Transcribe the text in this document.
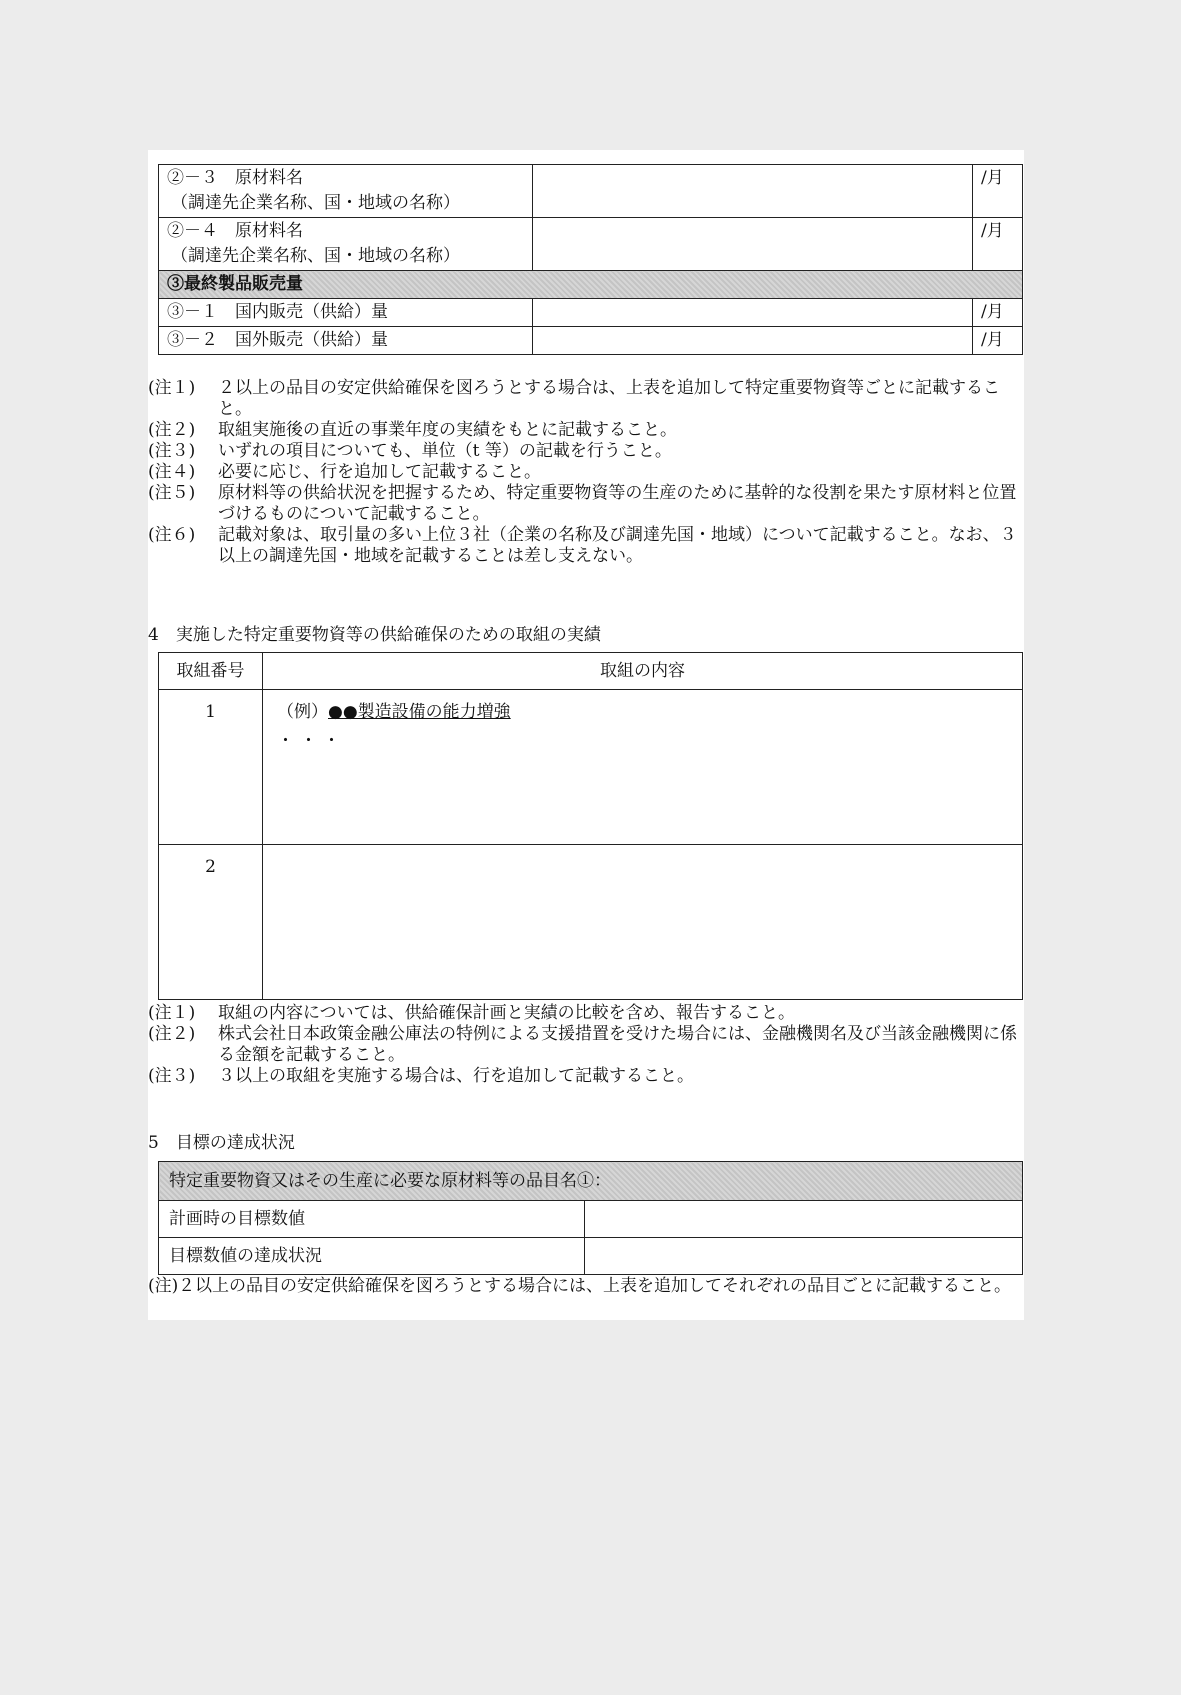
②－３　原材料名
（調達先企業名称、国・地域の名称）		/月

②－４　原材料名
（調達先企業名称、国・地域の名称）		/月
③最終製品販売量		
③－１　国内販売（供給）量		/月
③－２　国外販売（供給）量		/月
(注１)	２以上の品目の安定供給確保を図ろうとする場合は、上表を追加して特定重要物資等ごとに記載すること。
(注２)	取組実施後の直近の事業年度の実績をもとに記載すること。
(注３)	いずれの項目についても、単位（t 等）の記載を行うこと。
(注４)	必要に応じ、行を追加して記載すること。
(注５)	原材料等の供給状況を把握するため、特定重要物資等の生産のために基幹的な役割を果たす原材料と位置づけるものについて記載すること。
(注６)	記載対象は、取引量の多い上位３社（企業の名称及び調達先国・地域）について記載すること。なお、３以上の調達先国・地域を記載することは差し支えない。
4　実施した特定重要物資等の供給確保のための取組の実績
取組番号	取組の内容
1	（例）●●製造設備の能力増強
・・・

2	
(注１)	取組の内容については、供給確保計画と実績の比較を含め、報告すること。
(注２)	株式会社日本政策金融公庫法の特例による支援措置を受けた場合には、金融機関名及び当該金融機関に係る金額を記載すること。
(注３)	３以上の取組を実施する場合は、行を追加して記載すること。
5　目標の達成状況
特定重要物資又はその生産に必要な原材料等の品目名①：	
計画時の目標数値	
目標数値の達成状況	
(注) ２以上の品目の安定供給確保を図ろうとする場合には、上表を追加してそれぞれの品目ごとに記載すること。
